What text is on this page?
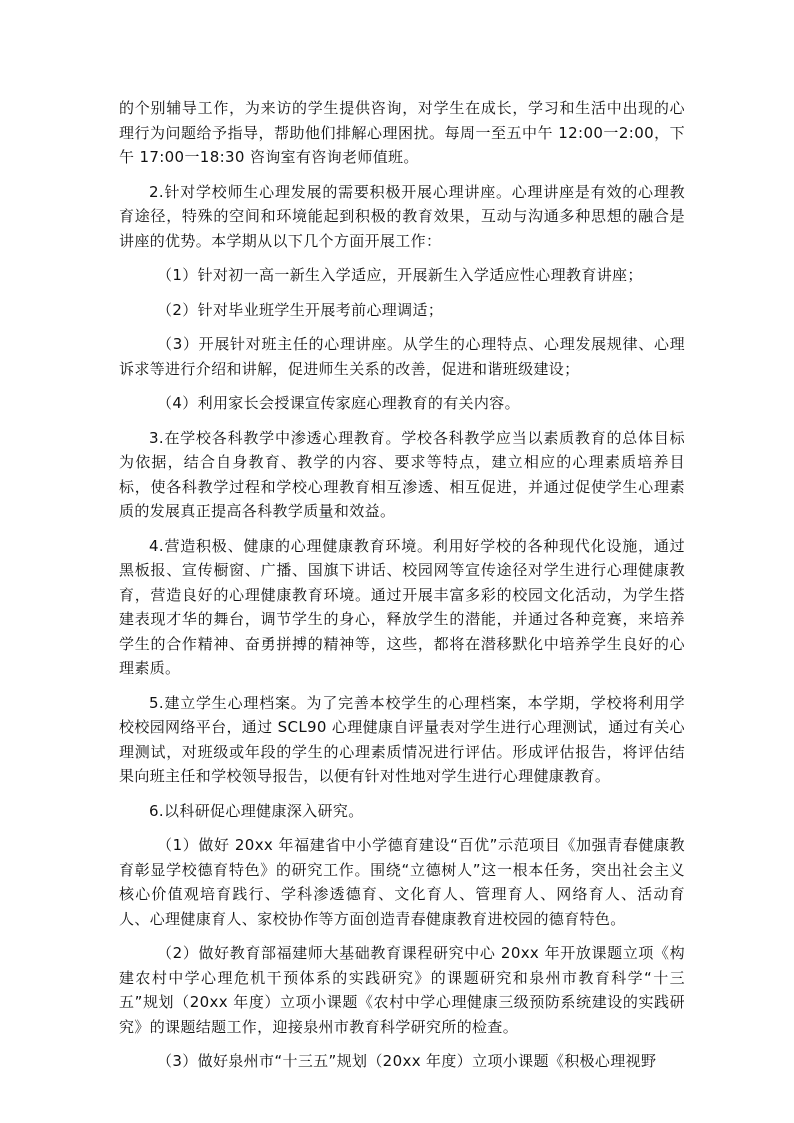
的个别辅导工作，为来访的学生提供咨询，对学生在成长，学习和生活中出现的心理行为问题给予指导，帮助他们排解心理困扰。每周一至五中午 12:00一2:00，下午 17:00一18:30 咨询室有咨询老师值班。

2.针对学校师生心理发展的需要积极开展心理讲座。心理讲座是有效的心理教育途径，特殊的空间和环境能起到积极的教育效果，互动与沟通多种思想的融合是讲座的优势。本学期从以下几个方面开展工作：

（1）针对初一高一新生入学适应，开展新生入学适应性心理教育讲座；

（2）针对毕业班学生开展考前心理调适；

（3）开展针对班主任的心理讲座。从学生的心理特点、心理发展规律、心理诉求等进行介绍和讲解，促进师生关系的改善，促进和谐班级建设；

（4）利用家长会授课宣传家庭心理教育的有关内容。

3.在学校各科教学中渗透心理教育。学校各科教学应当以素质教育的总体目标为依据，结合自身教育、教学的内容、要求等特点，建立相应的心理素质培养目标，使各科教学过程和学校心理教育相互渗透、相互促进，并通过促使学生心理素质的发展真正提高各科教学质量和效益。

4.营造积极、健康的心理健康教育环境。利用好学校的各种现代化设施，通过黑板报、宣传橱窗、广播、国旗下讲话、校园网等宣传途径对学生进行心理健康教育，营造良好的心理健康教育环境。通过开展丰富多彩的校园文化活动，为学生搭建表现才华的舞台，调节学生的身心，释放学生的潜能，并通过各种竞赛，来培养学生的合作精神、奋勇拼搏的精神等，这些，都将在潜移默化中培养学生良好的心理素质。

5.建立学生心理档案。为了完善本校学生的心理档案，本学期，学校将利用学校校园网络平台，通过 SCL90 心理健康自评量表对学生进行心理测试，通过有关心理测试，对班级或年段的学生的心理素质情况进行评估。形成评估报告，将评估结果向班主任和学校领导报告，以便有针对性地对学生进行心理健康教育。

6.以科研促心理健康深入研究。

（1）做好 20xx 年福建省中小学德育建设“百优”示范项目《加强青春健康教育彰显学校德育特色》的研究工作。围绕“立德树人”这一根本任务，突出社会主义核心价值观培育践行、学科渗透德育、文化育人、管理育人、网络育人、活动育人、心理健康育人、家校协作等方面创造青春健康教育进校园的德育特色。

（2）做好教育部福建师大基础教育课程研究中心 20xx 年开放课题立项《构建农村中学心理危机干预体系的实践研究》的课题研究和泉州市教育科学“十三五”规划（20xx 年度）立项小课题《农村中学心理健康三级预防系统建设的实践研究》的课题结题工作，迎接泉州市教育科学研究所的检查。

（3）做好泉州市“十三五”规划（20xx 年度）立项小课题《积极心理视野
